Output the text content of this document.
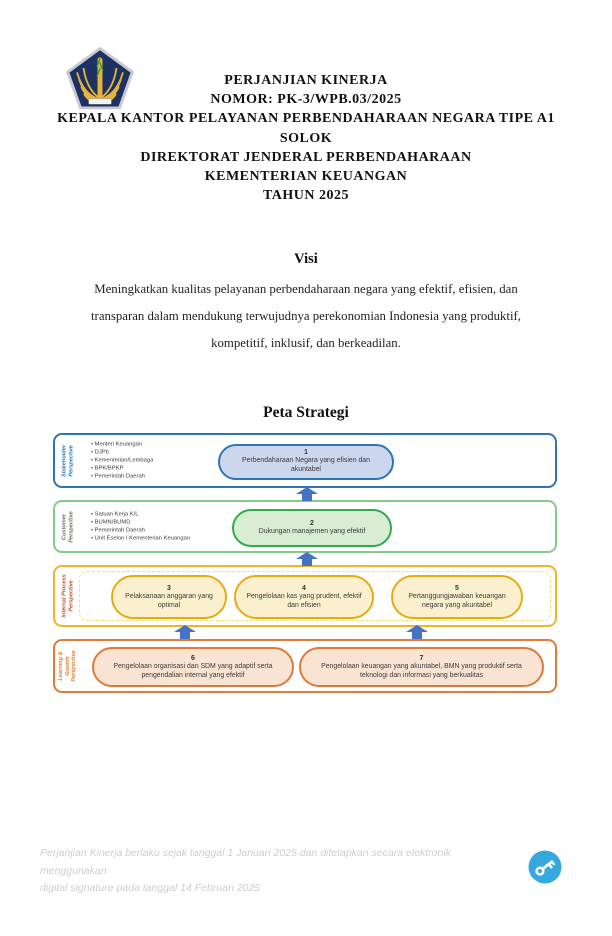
PERJANJIAN KINERJA
NOMOR: PK-3/WPB.03/2025
KEPALA KANTOR PELAYANAN PERBENDAHARAAN NEGARA TIPE A1
SOLOK
DIREKTORAT JENDERAL PERBENDAHARAAN
KEMENTERIAN KEUANGAN
TAHUN 2025
Visi
Meningkatkan kualitas pelayanan perbendaharaan negara yang efektif, efisien, dan
transparan dalam mendukung terwujudnya perekonomian Indonesia yang produktif,
kompetitif, inklusif, dan berkeadilan.
Peta Strategi
Stakeholder Perspective
• Menteri Keuangan
• DJPb
• Kementerian/Lembaga
• BPK/BPKP
• Pemerintah Daerah
1
Perbendaharaan Negara yang efisien dan akuntabel
Customer Perspective	• Satuan Kerja K/L
• BUMN/BUMD
• Pemerintah Daerah
• Unit Eselon I Kementerian Keuangan
2
Dukungan manajemen yang efektif
Internal Process Perspective	3
Pelaksanaan anggaran yang optimal
4
Pengelolaan kas yang prudent, efektif dan efisien
5
Pertanggungjawaban keuangan negara yang akuntabel
Learning & Growth Perspective	6
Pengelolaan organisasi dan SDM yang adaptif serta pengendalian internal yang efektif
7
Pengelolaan keuangan yang akuntabel, BMN yang produktif serta teknologi dan informasi yang berkualitas
Perjanjian Kinerja berlaku sejak tanggal 1 Januari 2025 dan ditetapkan secara elektronik menggunakan
digital signature pada tanggal 14 Februari 2025
